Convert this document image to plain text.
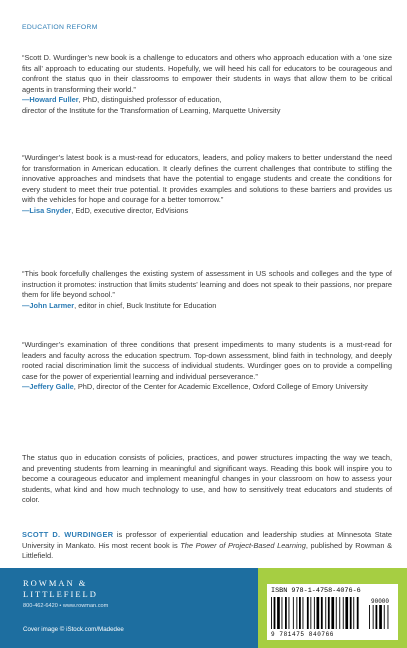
EDUCATION REFORM

“Scott D. Wurdinger’s new book is a challenge to educators and others who approach education with a ‘one size fits all’ approach to educating our students. Hopefully, we will heed his call for educators to be courageous and confront the status quo in their classrooms to empower their students in ways that allow them to be critical agents in transforming their world.”

—Howard Fuller, PhD, distinguished professor of education,

director of the Institute for the Transformation of Learning, Marquette University

“Wurdinger’s latest book is a must-read for educators, leaders, and policy makers to better understand the need for transformation in American education. It clearly defines the current challenges that contribute to stifling the innovative approaches and mindsets that have the potential to engage students and create the conditions for every student to meet their true potential. It provides examples and solutions to these barriers and provides us with the vehicles for hope and courage for a better tomorrow.”

—Lisa Snyder, EdD, executive director, EdVisions

“This book forcefully challenges the existing system of assessment in US schools and colleges and the type of instruction it promotes: instruction that limits students’ learning and does not speak to their passions, nor prepare them for life beyond school.”

—John Larmer, editor in chief, Buck Institute for Education

“Wurdinger’s examination of three conditions that present impediments to many students is a must-read for leaders and faculty across the education spectrum. Top-down assessment, blind faith in technology, and deeply rooted racial discrimination limit the success of individual students. Wurdinger goes on to provide a compelling case for the power of experiential learning and individual perseverance.”

—Jeffery Galle, PhD, director of the Center for Academic Excellence, Oxford College of Emory University

The status quo in education consists of policies, practices, and power structures impacting the way we teach, and preventing students from learning in meaningful and significant ways. Reading this book will inspire you to become a courageous educator and implement meaningful changes in your classroom on how to assess your students, what kind and how much technology to use, and how to sensitively treat educators and students of color.

SCOTT D. WURDINGER is professor of experiential education and leadership studies at Minnesota State University in Mankato. His most recent book is The Power of Project-Based Learning, published by Rowman & Littlefield.

ROWMAN &
LITTLEFIELD
800-462-6420 • www.rowman.com
Cover image © iStock.com/Madedee
ISBN 978-1-4758-4076-6
90000
9 781475 840766
